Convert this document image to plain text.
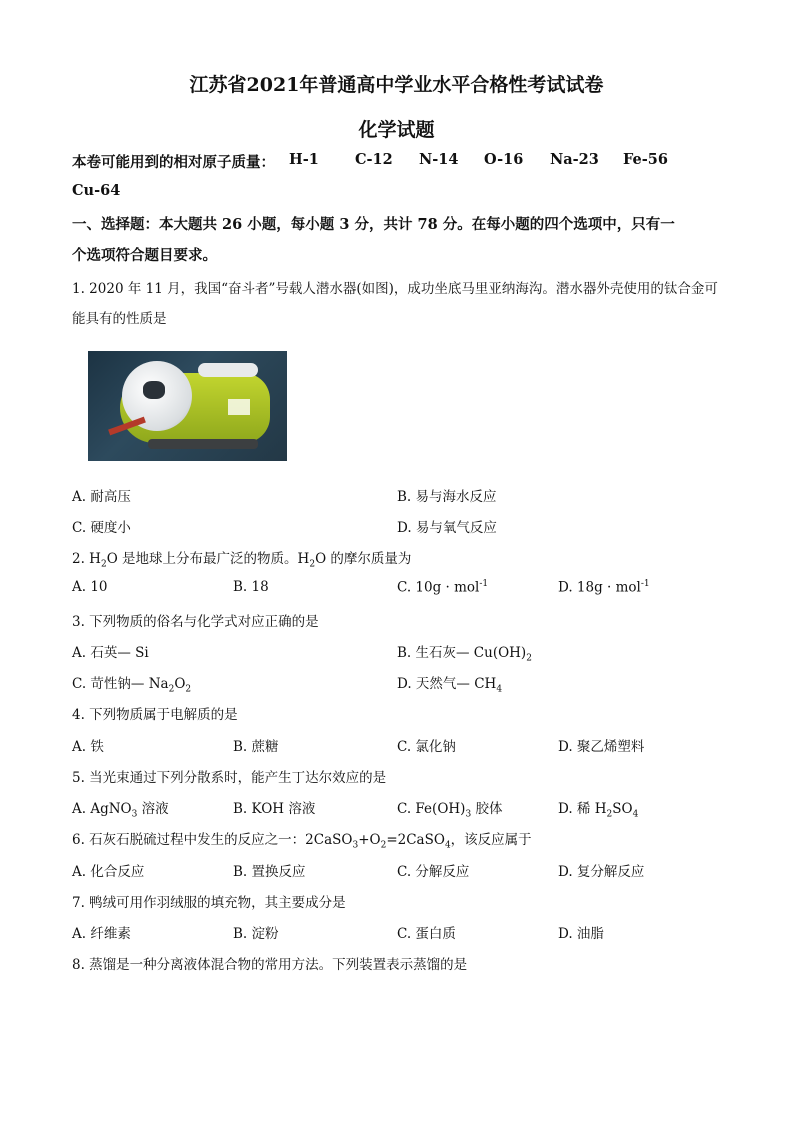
江苏省2021年普通高中学业水平合格性考试试卷
化学试题
本卷可能用到的相对原子质量： H-1 C-12 N-14 O-16 Na-23 Fe-56
Cu-64
一、选择题：本大题共 26 小题，每小题 3 分，共计 78 分。在每小题的四个选项中，只有一
个选项符合题目要求。
1. 2020 年 11 月，我国“奋斗者”号载人潜水器(如图)，成功坐底马里亚纳海沟。潜水器外壳使用的钛合金可
能具有的性质是
A. 耐高压	B. 易与海水反应
C. 硬度小	D. 易与氧气反应
2. $H_2O$ 是地球上分布最广泛的物质。$H_2O$ 的摩尔质量为
A. 10	B. 18	C. 10g · mol$^{-1}$	D. 18g · mol$^{-1}$
3. 下列物质的俗名与化学式对应正确的是
A. 石英— Si	B. 生石灰— $Cu(OH)_2$
C. 苛性钠— $Na_2O_2$	D. 天然气— $CH_4$
4. 下列物质属于电解质的是
A. 铁	B. 蔗糖	C. 氯化钠	D. 聚乙烯塑料
5. 当光束通过下列分散系时，能产生丁达尔效应的是
A. AgNO$_3$ 溶液	B. KOH 溶液	C. $Fe(OH)_3$ 胶体	D. 稀 $H_2SO_4$
6. 石灰石脱硫过程中发生的反应之一：$2CaSO_3+O_2=2CaSO_4$，该反应属于
A. 化合反应	B. 置换反应	C. 分解反应	D. 复分解反应
7. 鸭绒可用作羽绒服的填充物，其主要成分是
A. 纤维素	B. 淀粉	C. 蛋白质	D. 油脂
8. 蒸馏是一种分离液体混合物的常用方法。下列装置表示蒸馏的是
